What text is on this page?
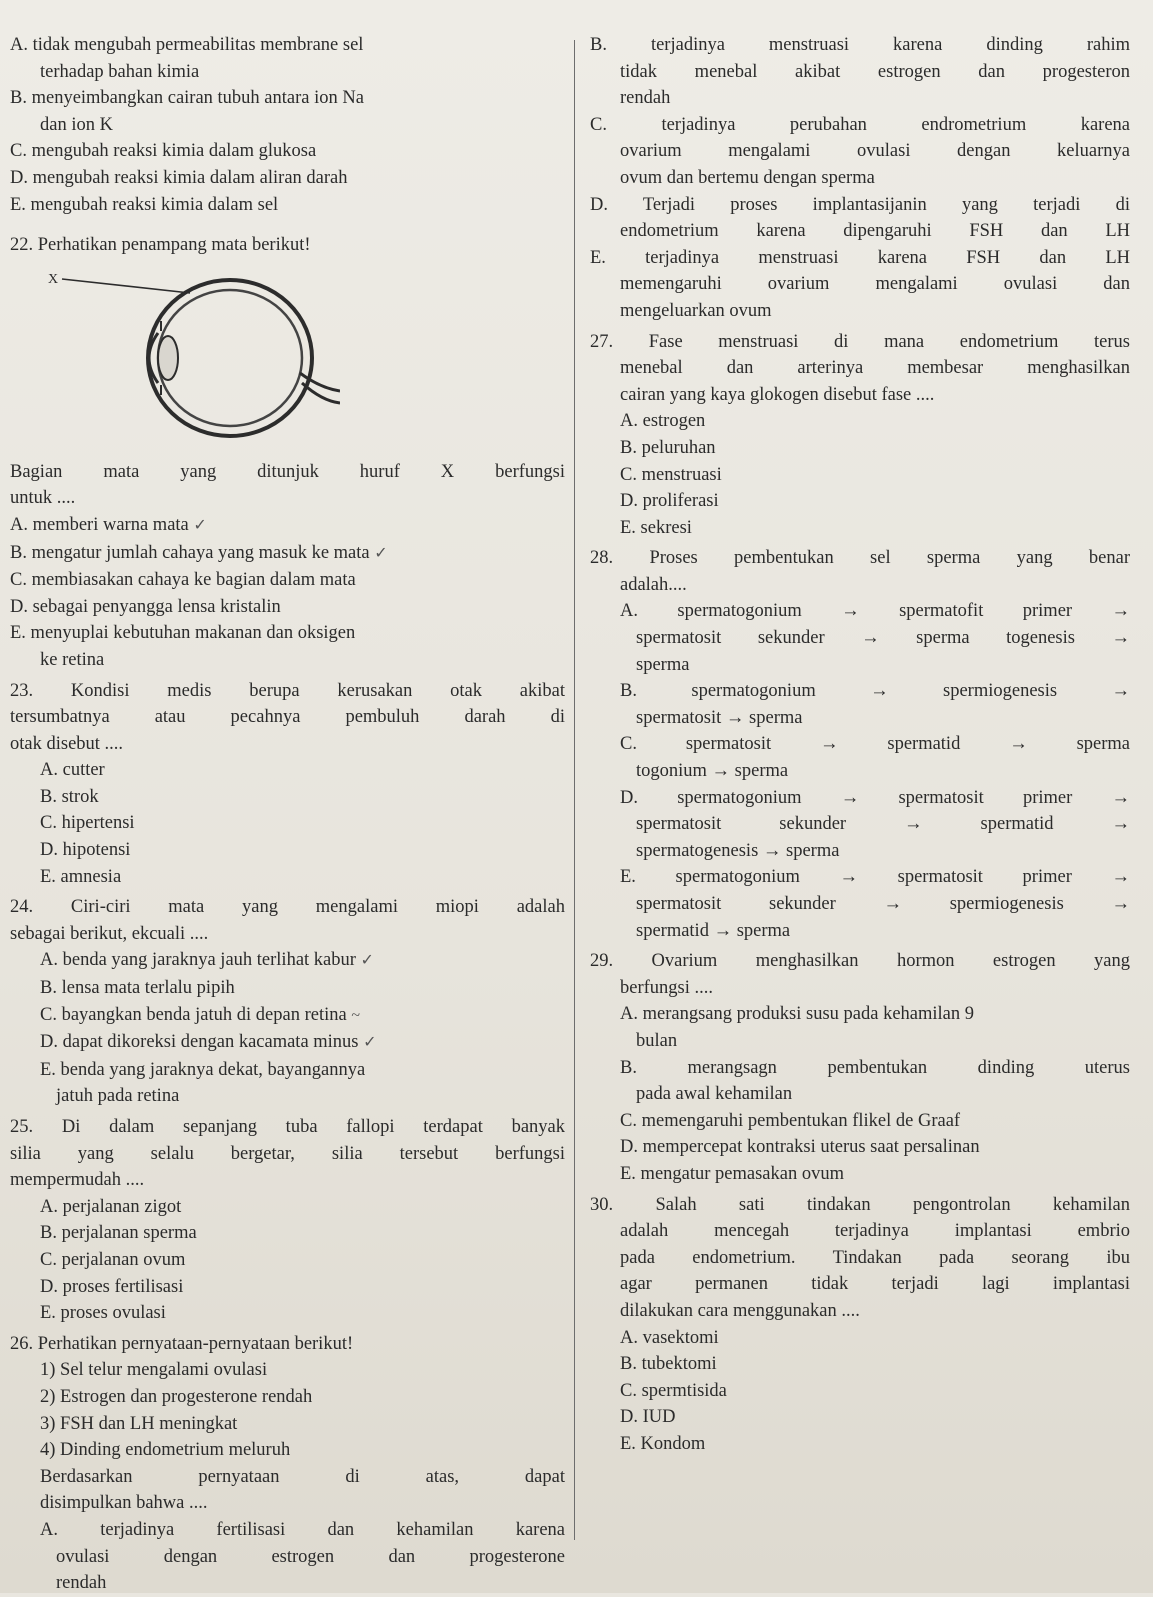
A. tidak mengubah permeabilitas membrane sel
terhadap bahan kimia
B. menyeimbangkan cairan tubuh antara ion Na
dan ion K
C. mengubah reaksi kimia dalam glukosa
D. mengubah reaksi kimia dalam aliran darah
E. mengubah reaksi kimia dalam sel
22. Perhatikan penampang mata berikut!
X
Bagian mata yang ditunjuk huruf X berfungsi
untuk ....
A. memberi warna mata ✓
B. mengatur jumlah cahaya yang masuk ke mata ✓
C. membiasakan cahaya ke bagian dalam mata
D. sebagai penyangga lensa kristalin
E. menyuplai kebutuhan makanan dan oksigen
ke retina
23. Kondisi medis berupa kerusakan otak akibat
tersumbatnya atau pecahnya pembuluh darah di
otak disebut ....
A. cutter
B. strok
C. hipertensi
D. hipotensi
E. amnesia
24. Ciri-ciri mata yang mengalami miopi adalah
sebagai berikut, ekcuali ....
A. benda yang jaraknya jauh terlihat kabur ✓
B. lensa mata terlalu pipih
C. bayangkan benda jatuh di depan retina ~
D. dapat dikoreksi dengan kacamata minus ✓
E. benda yang jaraknya dekat, bayangannya
jatuh pada retina
25. Di dalam sepanjang tuba fallopi terdapat banyak
silia yang selalu bergetar, silia tersebut berfungsi
mempermudah ....
A. perjalanan zigot
B. perjalanan sperma
C. perjalanan ovum
D. proses fertilisasi
E. proses ovulasi
26. Perhatikan pernyataan-pernyataan berikut!
1) Sel telur mengalami ovulasi
2) Estrogen dan progesterone rendah
3) FSH dan LH meningkat
4) Dinding endometrium meluruh
Berdasarkan pernyataan di atas, dapat
disimpulkan bahwa ....
A. terjadinya fertilisasi dan kehamilan karena
ovulasi dengan estrogen dan progesterone
rendah
B. terjadinya menstruasi karena dinding rahim
tidak menebal akibat estrogen dan progesteron
rendah
C. terjadinya perubahan endrometrium karena
ovarium mengalami ovulasi dengan keluarnya
ovum dan bertemu dengan sperma
D. Terjadi proses implantasijanin yang terjadi di
endometrium karena dipengaruhi FSH dan LH
E. terjadinya menstruasi karena FSH dan LH
memengaruhi ovarium mengalami ovulasi dan
mengeluarkan ovum
27. Fase menstruasi di mana endometrium terus
menebal dan arterinya membesar menghasilkan
cairan yang kaya glokogen disebut fase ....
A. estrogen
B. peluruhan
C. menstruasi
D. proliferasi
E. sekresi
28. Proses pembentukan sel sperma yang benar
adalah....
A. spermatogonium → spermatofit primer →
spermatosit sekunder → sperma togenesis →
sperma
B. spermatogonium → spermiogenesis →
spermatosit → sperma
C. spermatosit → spermatid → sperma
togonium → sperma
D. spermatogonium → spermatosit primer →
spermatosit sekunder → spermatid →
spermatogenesis → sperma
E. spermatogonium → spermatosit primer →
spermatosit sekunder → spermiogenesis →
spermatid → sperma
29. Ovarium menghasilkan hormon estrogen yang
berfungsi ....
A. merangsang produksi susu pada kehamilan 9
bulan
B. merangsagn pembentukan dinding uterus
pada awal kehamilan
C. memengaruhi pembentukan flikel de Graaf
D. mempercepat kontraksi uterus saat persalinan
E. mengatur pemasakan ovum
30. Salah sati tindakan pengontrolan kehamilan
adalah mencegah terjadinya implantasi embrio
pada endometrium. Tindakan pada seorang ibu
agar permanen tidak terjadi lagi implantasi
dilakukan cara menggunakan ....
A. vasektomi
B. tubektomi
C. spermtisida
D. IUD
E. Kondom
